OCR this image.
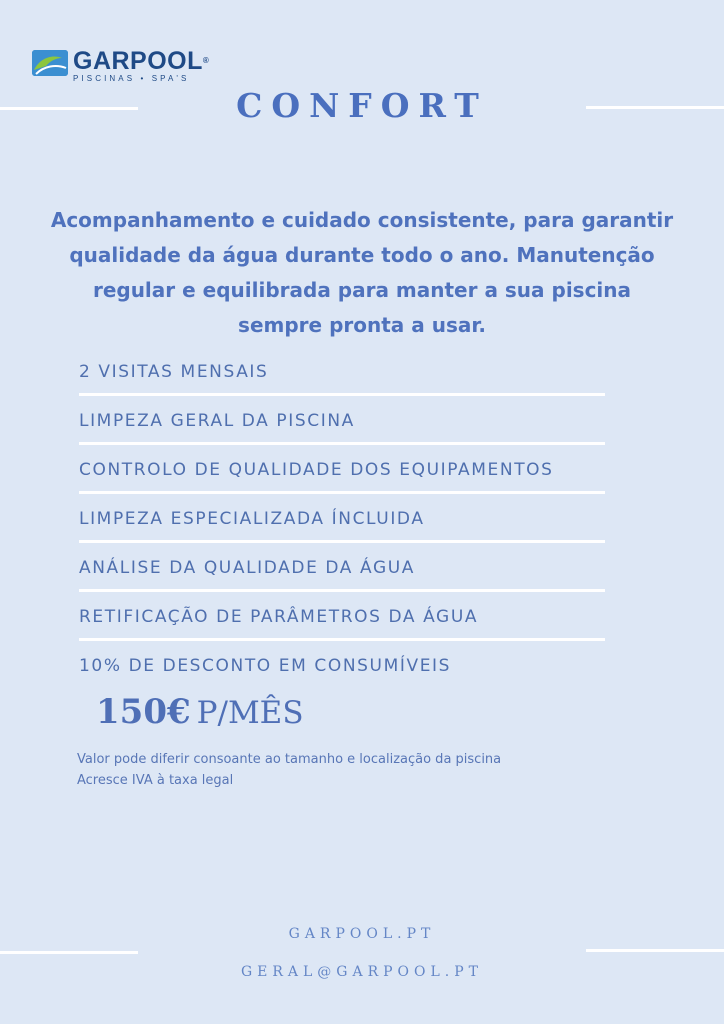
GARPOOL®
PISCINAS • SPA'S
CONFORT
Acompanhamento e cuidado consistente, para garantir qualidade da água durante todo o ano. Manutenção regular e equilibrada para manter a sua piscina sempre pronta a usar.
2 VISITAS MENSAIS
LIMPEZA GERAL DA PISCINA
CONTROLO DE QUALIDADE DOS EQUIPAMENTOS
LIMPEZA ESPECIALIZADA ÍNCLUIDA
ANÁLISE DA QUALIDADE DA ÁGUA
RETIFICAÇÃO DE PARÂMETROS DA ÁGUA
10% DE DESCONTO EM CONSUMÍVEIS
150€ P/MÊS
Valor pode diferir consoante ao tamanho e localização da piscina
Acresce IVA à taxa legal
GARPOOL.PT
GERAL@GARPOOL.PT
